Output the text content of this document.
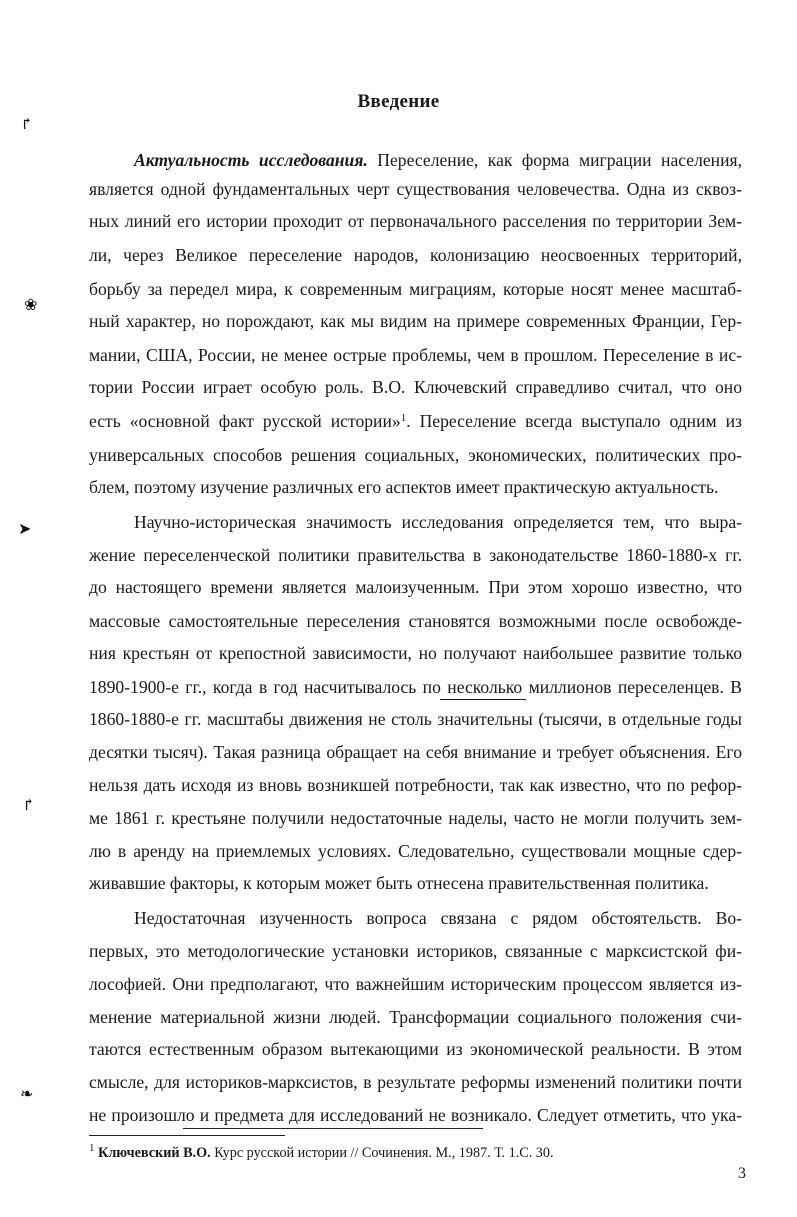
Введение
Актуальность исследования. Переселение, как форма миграции населения,
является одной фундаментальных черт существования человечества. Одна из сквоз-
ных линий его истории проходит от первоначального расселения по территории Зем-
ли, через Великое переселение народов, колонизацию неосвоенных территорий,
борьбу за передел мира, к современным миграциям, которые носят менее масштаб-
ный характер, но порождают, как мы видим на примере современных Франции, Гер-
мании, США, России, не менее острые проблемы, чем в прошлом. Переселение в ис-
тории России играет особую роль. В.О. Ключевский справедливо считал, что оно
есть «основной факт русской истории»$^1$. Переселение всегда выступало одним из
универсальных способов решения социальных, экономических, политических про-
блем, поэтому изучение различных его аспектов имеет практическую актуальность.
Научно-историческая значимость исследования определяется тем, что выра-
жение переселенческой политики правительства в законодательстве 1860-1880-х гг.
до настоящего времени является малоизученным. При этом хорошо известно, что
массовые самостоятельные переселения становятся возможными после освобожде-
ния крестьян от крепостной зависимости, но получают наибольшее развитие только
1890-1900-е гг., когда в год насчитывалось по несколько миллионов переселенцев. В
1860-1880-е гг. масштабы движения не столь значительны (тысячи, в отдельные годы
десятки тысяч). Такая разница обращает на себя внимание и требует объяснения. Его
нельзя дать исходя из вновь возникшей потребности, так как известно, что по рефор-
ме 1861 г. крестьяне получили недостаточные наделы, часто не могли получить зем-
лю в аренду на приемлемых условиях. Следовательно, существовали мощные сдер-
живавшие факторы, к которым может быть отнесена правительственная политика.
Недостаточная изученность вопроса связана с рядом обстоятельств. Во-
первых, это методологические установки историков, связанные с марксистской фи-
лософией. Они предполагают, что важнейшим историческим процессом является из-
менение материальной жизни людей. Трансформации социального положения счи-
таются естественным образом вытекающими из экономической реальности. В этом
смысле, для историков-марксистов, в результате реформы изменений политики почти
не произошло и предмета для исследований не возникало. Следует отметить, что ука-
$^1$ Ключевский В.О. Курс русской истории // Сочинения. М., 1987. Т. 1.С. 30.
3
↱
❀
➤
↱
❧
